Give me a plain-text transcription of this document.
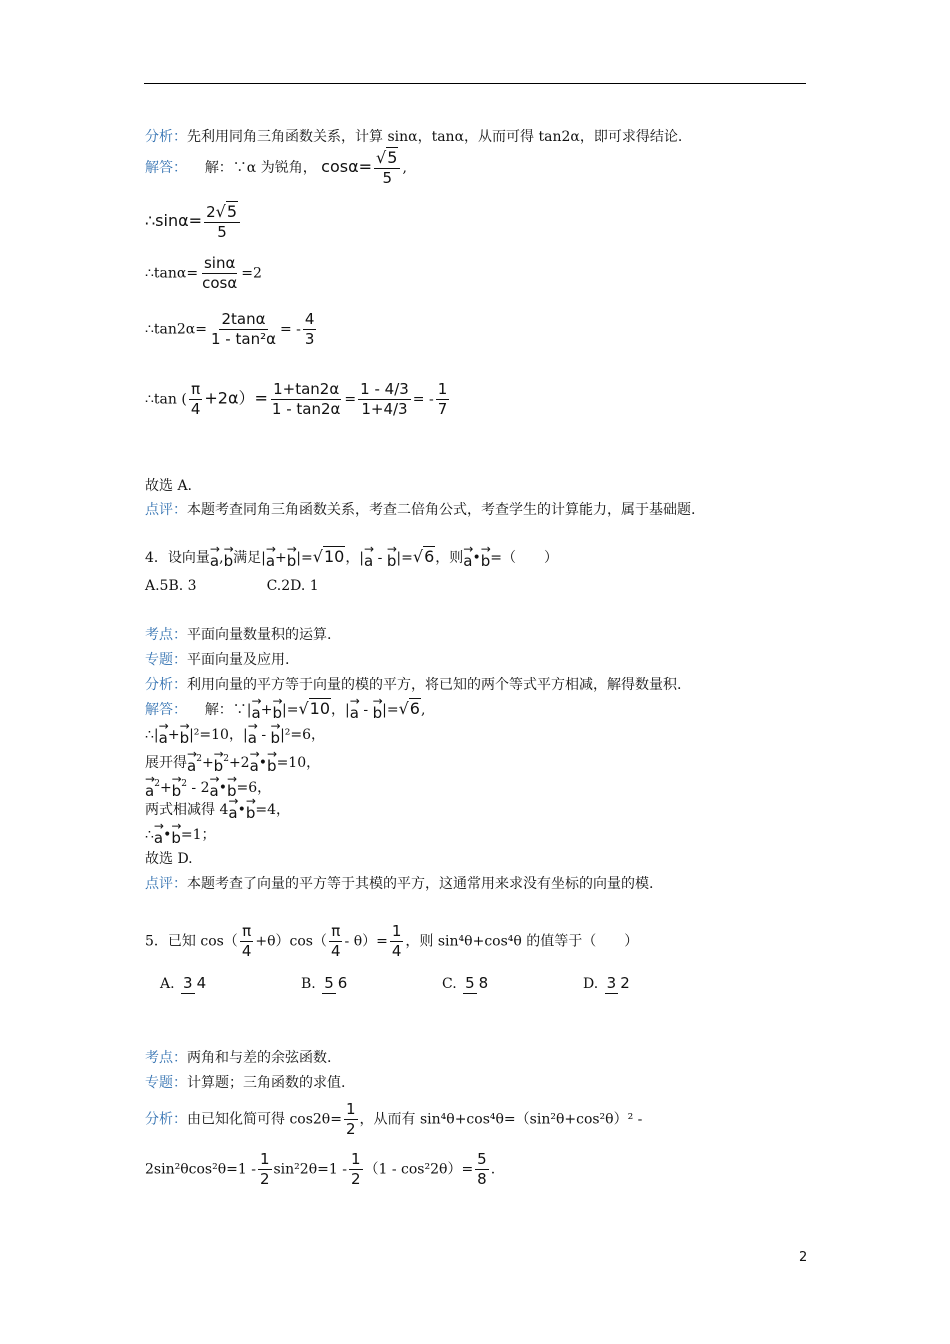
分析：先利用同角三角函数关系，计算 sinα，tanα，从而可得 tan2α，即可求得结论.
解答： 解：∵α 为锐角， $\cos\alpha= \frac{√5}{5}$ ,
∴sinα= $\frac{2√5}{5}$
∴tanα= $\frac{\sin\alpha}{\cos\alpha} =2$
∴tan2α= $\frac{2\tan\alpha}{\text{1 - tan²α}}$ = - $\frac{4}{3}$
∴tan ( $\frac{\pi}{4} +2\alpha)= \frac{1+\tan 2\alpha}{1 - \tan 2\alpha} = \frac{1 - 4/3}{1+4/3}$ = - $\frac{1}{7}$
故选 A.
点评：本题考查同角三角函数关系，考查二倍角公式，考查学生的计算能力，属于基础题.
4．设向量→ a,→ b满足|→ a+→ b|=√10，|→ a - → b|=√6，则→ a•→ b=（　　）
A.5B. 3　　　　　C.2D. 1
考点：平面向量数量积的运算.
专题：平面向量及应用.
分析：利用向量的平方等于向量的模的平方，将已知的两个等式平方相减，解得数量积.
解答： 解：∵|→ a+→ b|=√10，|→ a - → b|=√6,
∴|→ a+→ b|²=10，|→ a - → b|²=6，
展开得→ $a^2+\to b^2+2\to$ a•→ b=10，
→ $a^2+\to b^2 - 2\to$ a•→ b=6，
两式相减得 4→ a•→ b=4，
∴→ a•→ b=1；
故选 D.
点评：本题考查了向量的平方等于其模的平方，这通常用来求没有坐标的向量的模.
5．已知 $\cos( \frac{\pi}{4} +\theta)\cos( \frac{\pi}{4} - \theta)= \frac{1}{4}$ ，则 sin⁴θ+cos⁴θ 的值等于（　　）
A. 3 4	B. 5 6	C. 5 8	D. 3 2
考点：两角和与差的余弦函数.
专题：计算题；三角函数的求值.
分析：由已知化简可得 $\cos 2\theta= \frac{1}{2}$ ，从而有 sin⁴θ+cos⁴θ=（sin²θ+cos²θ）² -
$2\sin^2\theta\cos^2\theta=1 - \frac{1}{2} \sin^22\theta=1 - \frac{1}{2} (1 - \cos^22\theta)= \frac{5}{8}$ .
2
